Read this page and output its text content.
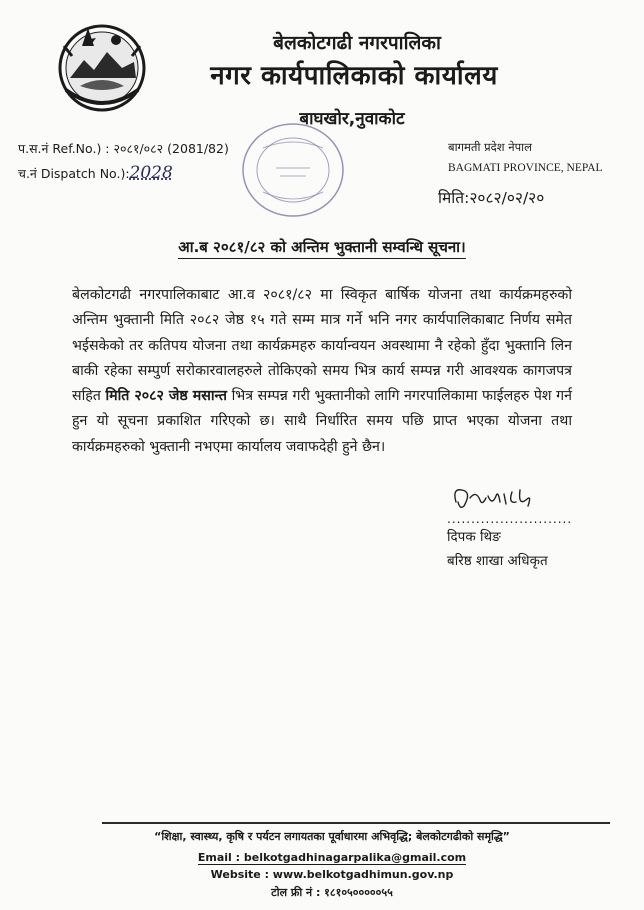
बेलकोटगढी नगरपालिका
नगर कार्यपालिकाको कार्यालय
बाघखोर,नुवाकोट
प.स.नं Ref.No.) : २०८१/०८२ (2081/82)
च.नं Dispatch No.):2028
बागमती प्रदेश नेपाल
BAGMATI PROVINCE, NEPAL
मिति:२०८२/०२/२०
आ.ब २०८१/८२ को अन्तिम भुक्तानी सम्वन्धि सूचना।
बेलकोटगढी नगरपालिकाबाट आ.व २०८१/८२ मा स्विकृत बार्षिक योजना तथा कार्यक्रमहरुको अन्तिम भुक्तानी मिति २०८२ जेष्ठ १५ गते सम्म मात्र गर्ने भनि नगर कार्यपालिकाबाट निर्णय समेत भईसकेको तर कतिपय योजना तथा कार्यक्रमहरु कार्यान्वयन अवस्थामा नै रहेको हुँदा भुक्तानि लिन बाकी रहेका सम्पुर्ण सरोकारवालहरुले तोकिएको समय भित्र कार्य सम्पन्न गरी आवश्यक कागजपत्र सहित मिति २०८२ जेष्ठ मसान्त भित्र सम्पन्न गरी भुक्तानीको लागि नगरपालिकामा फाईलहरु पेश गर्न हुन यो सूचना प्रकाशित गरिएको छ। साथै निर्धारित समय पछि प्राप्त भएका योजना तथा कार्यक्रमहरुको भुक्तानी नभएमा कार्यालय जवाफदेही हुने छैन।
..........................
दिपक थिङ
बरिष्ठ शाखा अधिकृत
“शिक्षा, स्वास्थ्य, कृषि र पर्यटन लगायतका पूर्वाधारमा अभिवृद्धि; बेलकोटगढीको समृद्धि”
Email : belkotgadhinagarpalika@gmail.com
Website : www.belkotgadhimun.gov.np
टोल फ्री नं : १८१०५०००००५५
